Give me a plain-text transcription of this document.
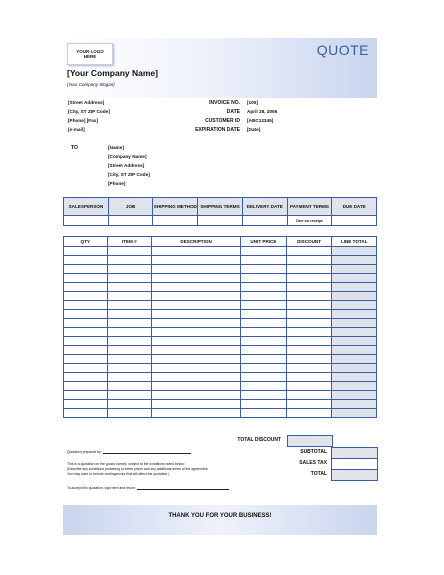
YOUR LOGO
HERE	QUOTE
[Your Company Name]
[Your Company Slogan]
[Street Address]
[City, ST ZIP Code]
[Phone] [Fax]
[e-mail]
INVOICE NO. [100]
DATE April 28, 2006
CUSTOMER ID [ABC12345]
EXPIRATION DATE [Date]
TO	[Name]
[Company Name]
[Street Address]
[City, ST ZIP Code]
[Phone]
SALESPERSON	JOB	SHIPPING METHOD	SHIPPING TERMS	DELIVERY DATE	PAYMENT TERMS	DUE DATE
					Due on receipt	
QTY	ITEM #	DESCRIPTION	UNIT PRICE	DISCOUNT	LINE TOTAL

TOTAL DISCOUNT
SUBTOTAL
SALES TAX
TOTAL
Quotation prepared by:
This is a quotation on the goods named, subject to the conditions noted below:
(Describe any conditions pertaining to these prices and any additional terms of the agreement.
You may want to include contingencies that will affect the quotation.)
To accept this quotation, sign here and return:
THANK YOU FOR YOUR BUSINESS!
